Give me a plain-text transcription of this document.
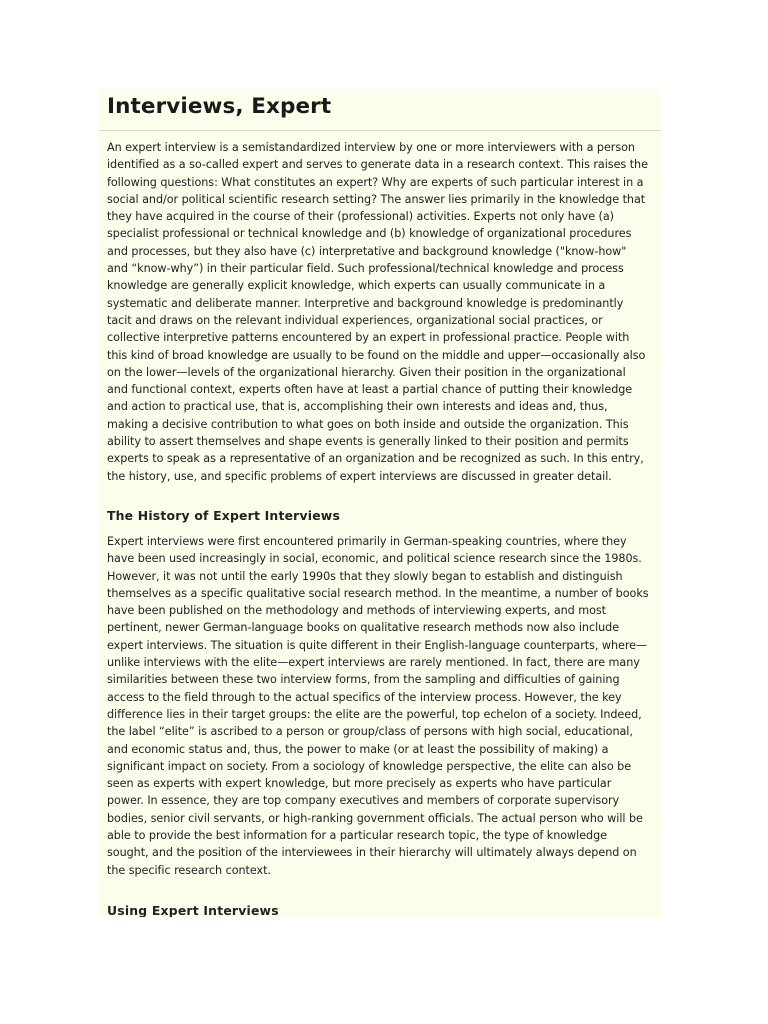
Interviews, Expert

An expert interview is a semistandardized interview by one or more interviewers with a person
identified as a so-called expert and serves to generate data in a research context. This raises the
following questions: What constitutes an expert? Why are experts of such particular interest in a
social and/or political scientific research setting? The answer lies primarily in the knowledge that
they have acquired in the course of their (professional) activities. Experts not only have (a)
specialist professional or technical knowledge and (b) knowledge of organizational procedures
and processes, but they also have (c) interpretative and background knowledge ("know-how"
and “know-why”) in their particular field. Such professional/technical knowledge and process
knowledge are generally explicit knowledge, which experts can usually communicate in a
systematic and deliberate manner. Interpretive and background knowledge is predominantly
tacit and draws on the relevant individual experiences, organizational social practices, or
collective interpretive patterns encountered by an expert in professional practice. People with
this kind of broad knowledge are usually to be found on the middle and upper—occasionally also
on the lower—levels of the organizational hierarchy. Given their position in the organizational
and functional context, experts often have at least a partial chance of putting their knowledge
and action to practical use, that is, accomplishing their own interests and ideas and, thus,
making a decisive contribution to what goes on both inside and outside the organization. This
ability to assert themselves and shape events is generally linked to their position and permits
experts to speak as a representative of an organization and be recognized as such. In this entry,
the history, use, and specific problems of expert interviews are discussed in greater detail.

The History of Expert Interviews

Expert interviews were first encountered primarily in German-speaking countries, where they
have been used increasingly in social, economic, and political science research since the 1980s.
However, it was not until the early 1990s that they slowly began to establish and distinguish
themselves as a specific qualitative social research method. In the meantime, a number of books
have been published on the methodology and methods of interviewing experts, and most
pertinent, newer German-language books on qualitative research methods now also include
expert interviews. The situation is quite different in their English-language counterparts, where—
unlike interviews with the elite—expert interviews are rarely mentioned. In fact, there are many
similarities between these two interview forms, from the sampling and difficulties of gaining
access to the field through to the actual specifics of the interview process. However, the key
difference lies in their target groups: the elite are the powerful, top echelon of a society. Indeed,
the label “elite” is ascribed to a person or group/class of persons with high social, educational,
and economic status and, thus, the power to make (or at least the possibility of making) a
significant impact on society. From a sociology of knowledge perspective, the elite can also be
seen as experts with expert knowledge, but more precisely as experts who have particular
power. In essence, they are top company executives and members of corporate supervisory
bodies, senior civil servants, or high-ranking government officials. The actual person who will be
able to provide the best information for a particular research topic, the type of knowledge
sought, and the position of the interviewees in their hierarchy will ultimately always depend on
the specific research context.

Using Expert Interviews
